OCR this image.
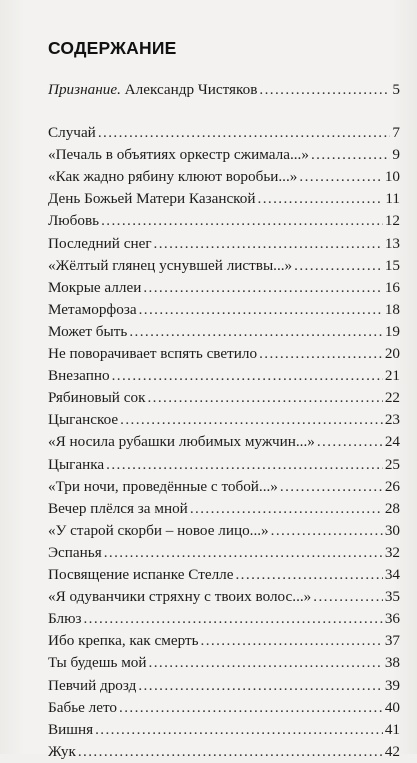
СОДЕРЖАНИЕ
Признание. Александр Чистяков . . .	5
Случай . . .	7
«Печаль в объятиях оркестр сжимала...» . . .	9
«Как жадно рябину клюют воробьи...» . . .	10
День Божьей Матери Казанской . . .	11
Любовь . . .	12
Последний снег . . .	13
«Жёлтый глянец уснувшей листвы...» . . .	15
Мокрые аллеи . . .	16
Метаморфоза . . .	18
Может быть . . .	19
Не поворачивает вспять светило . . .	20
Внезапно . . .	21
Рябиновый сок . . .	22
Цыганское . . .	23
«Я носила рубашки любимых мужчин...» . . .	24
Цыганка . . .	25
«Три ночи, проведённые с тобой...» . . .	26
Вечер плёлся за мной . . .	28
«У старой скорби – новое лицо...» . . .	30
Эспанья . . .	32
Посвящение испанке Стелле . . .	34
«Я одуванчики стряхну с твоих волос...» . . .	35
Блюз . . .	36
Ибо крепка, как смерть . . .	37
Ты будешь мой . . .	38
Певчий дрозд . . .	39
Бабье лето . . .	40
Вишня . . .	41
Жук . . .	42
